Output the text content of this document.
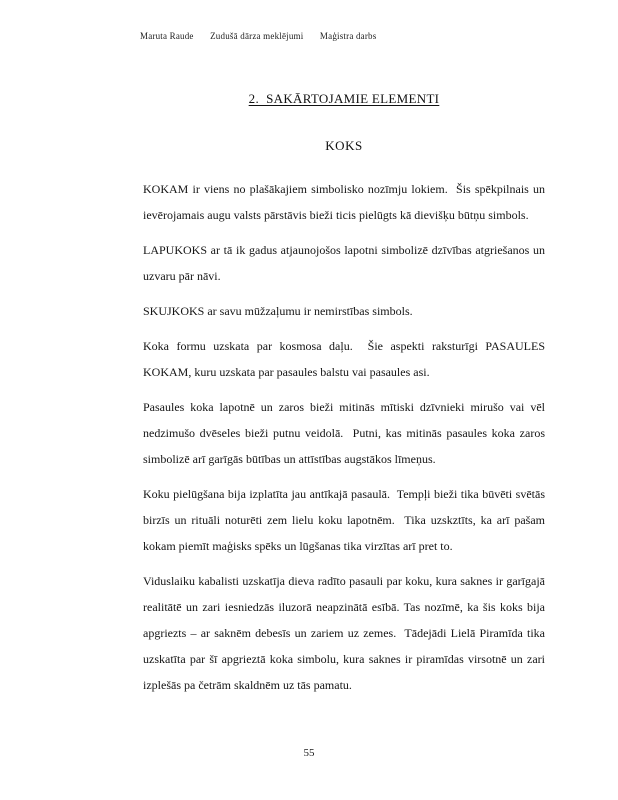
Maruta Raude Zudušā dārza meklējumi Maģistra darbs
2.  SAKĀRTOJAMIE ELEMENTI
KOKS

KOKAM ir viens no plašākajiem simbolisko nozīmju lokiem.  Šis spēkpilnais un ievērojamais augu valsts pārstāvis bieži ticis pielūgts kā dievišķu būtņu simbols.

LAPUKOKS ar tā ik gadus atjaunojošos lapotni simbolizē dzīvības atgriešanos un uzvaru pār nāvi.

SKUJKOKS ar savu mūžzaļumu ir nemirstības simbols.

Koka formu uzskata par kosmosa daļu.  Šie aspekti raksturīgi PASAULES KOKAM, kuru uzskata par pasaules balstu vai pasaules asi.

Pasaules koka lapotnē un zaros bieži mitinās mītiski dzīvnieki mirušo vai vēl nedzimušo dvēseles bieži putnu veidolā.  Putni, kas mitinās pasaules koka zaros simbolizē arī garīgās būtības un attīstības augstākos līmeņus.

Koku pielūgšana bija izplatīta jau antīkajā pasaulā.  Tempļi bieži tika būvēti svētās birzīs un rituāli noturēti zem lielu koku lapotnēm.  Tika uzskztīts, ka arī pašam kokam piemīt maģisks spēks un lūgšanas tika virzītas arī pret to.

Viduslaiku kabalisti uzskatīja dieva radīto pasauli par koku, kura saknes ir garīgajā realitātē un zari iesniedzās iluzorā neapzinātā esībā. Tas nozīmē, ka šis koks bija apgriezts – ar saknēm debesīs un zariem uz zemes.  Tādejādi Lielā Piramīda tika uzskatīta par šī apgrieztā koka simbolu, kura saknes ir piramīdas virsotnē un zari izplešās pa četrām skaldnēm uz tās pamatu.

55
